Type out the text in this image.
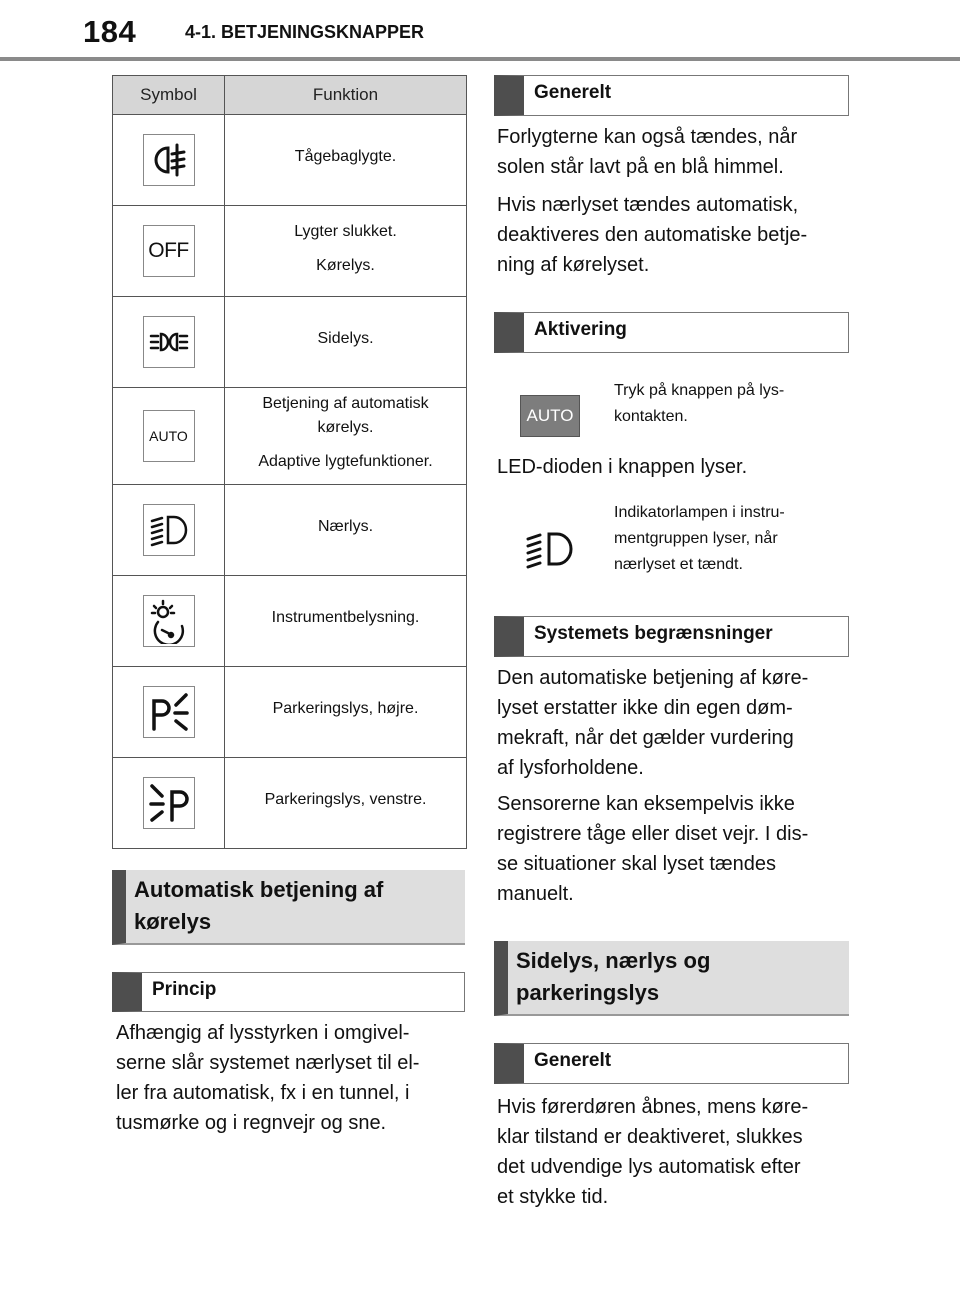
184	4-1. BETJENINGSKNAPPER
Symbol	Funktion
Tågebaglygte.
OFF
Lygter slukket.
Kørelys.
Sidelys.
AUTO
Betjening af automatisk kørelys.
Adaptive lygtefunktioner.
Nærlys.
Instrumentbelysning.
Parkeringslys, højre.
Parkeringslys, venstre.
Automatisk betjening af
kørelys
Princip
Afhængig af lysstyrken i omgivel-
serne slår systemet nærlyset til el-
ler fra automatisk, fx i en tunnel, i
tusmørke og i regnvejr og sne.
Generelt
Forlygterne kan også tændes, når
solen står lavt på en blå himmel.
Hvis nærlyset tændes automatisk,
deaktiveres den automatiske betje-
ning af kørelyset.
Aktivering
AUTO
Tryk på knappen på lys-
kontakten.
LED-dioden i knappen lyser.
Indikatorlampen i instru-
mentgruppen lyser, når
nærlyset et tændt.
Systemets begrænsninger
Den automatiske betjening af køre-
lyset erstatter ikke din egen døm-
mekraft, når det gælder vurdering
af lysforholdene.
Sensorerne kan eksempelvis ikke
registrere tåge eller diset vejr. I dis-
se situationer skal lyset tændes
manuelt.
Sidelys, nærlys og
parkeringslys
Generelt
Hvis førerdøren åbnes, mens køre-
klar tilstand er deaktiveret, slukkes
det udvendige lys automatisk efter
et stykke tid.
